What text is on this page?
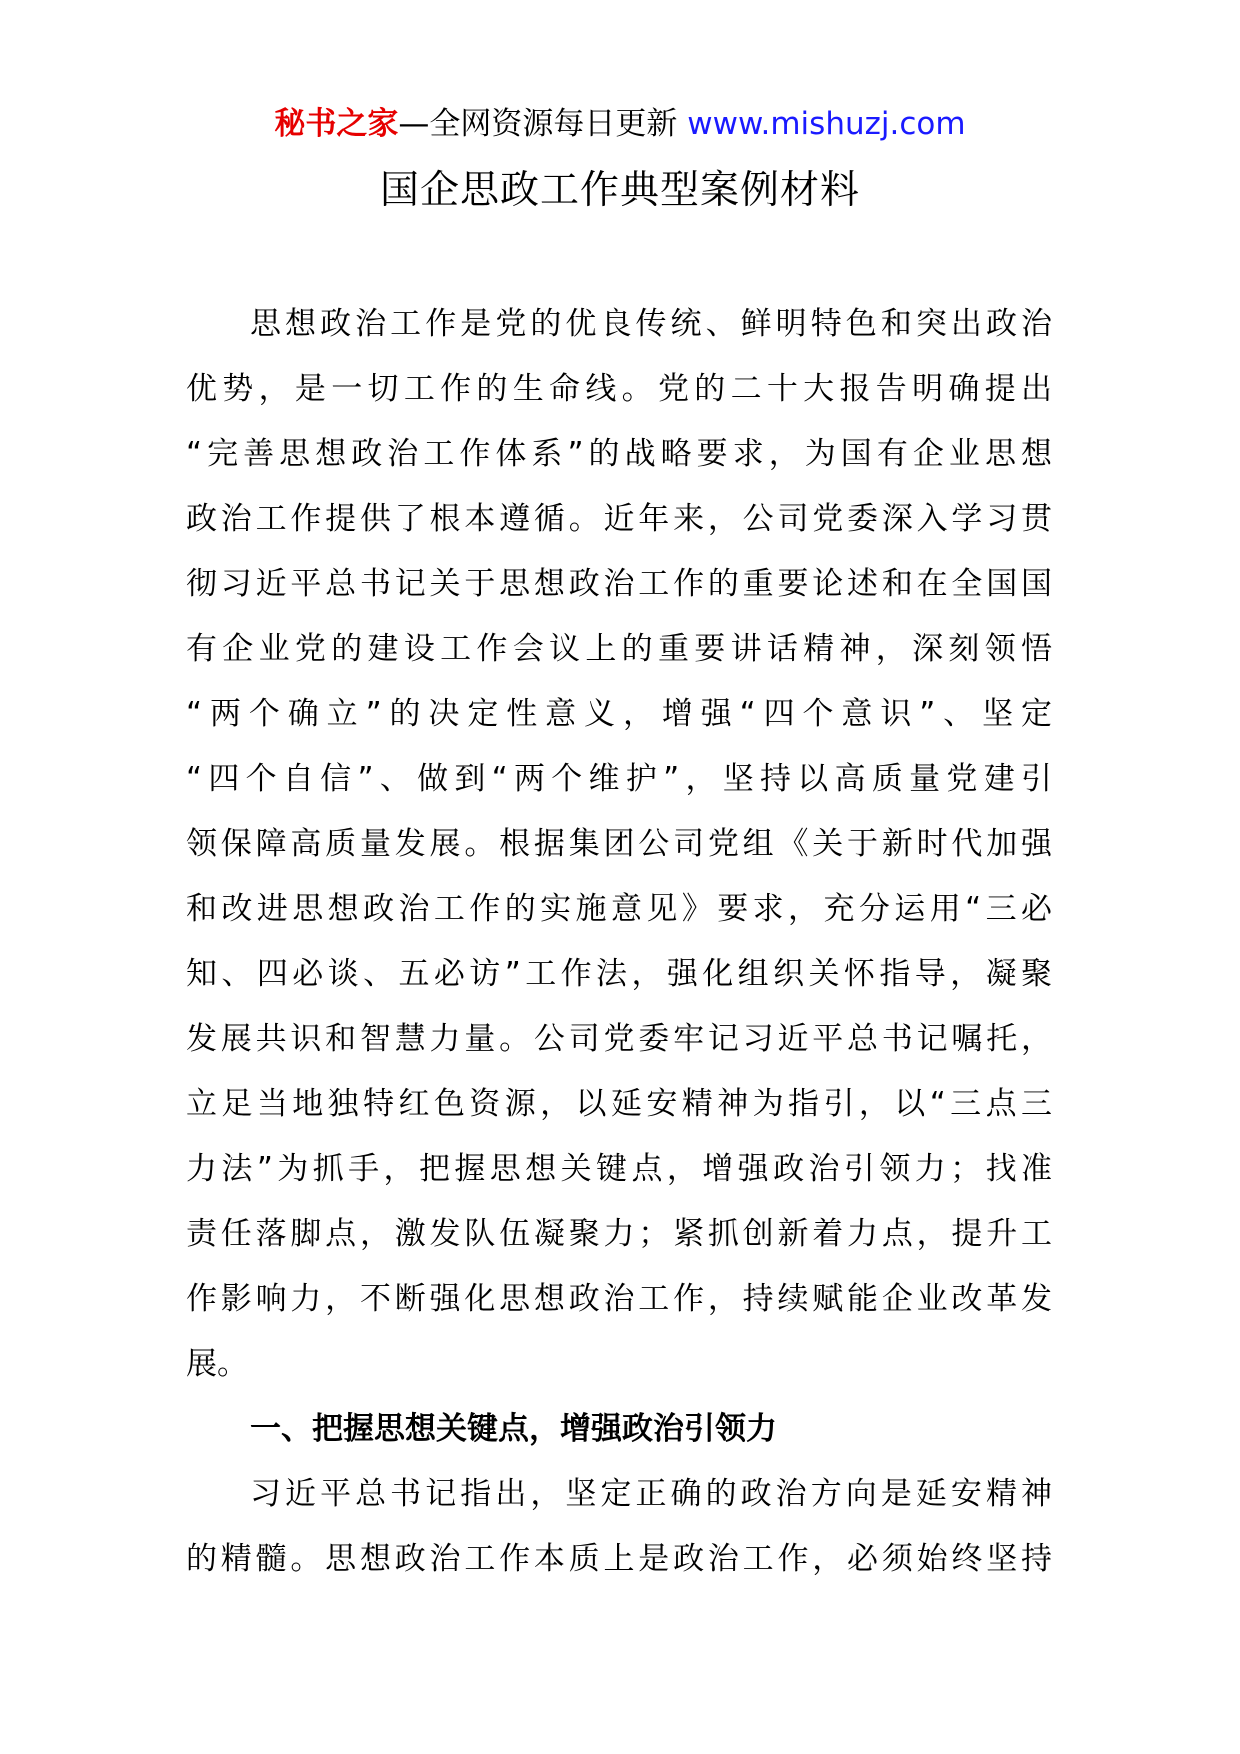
秘书之家—全网资源每日更新 www.mishuzj.com
国企思政工作典型案例材料

思想政治工作是党的优良传统、鲜明特色和突出政治
优势，是一切工作的生命线。党的二十大报告明确提出
“完善思想政治工作体系”的战略要求，为国有企业思想
政治工作提供了根本遵循。近年来，公司党委深入学习贯
彻习近平总书记关于思想政治工作的重要论述和在全国国
有企业党的建设工作会议上的重要讲话精神，深刻领悟
“两个确立”的决定性意义，增强“四个意识”、坚定
“四个自信”、做到“两个维护”，坚持以高质量党建引
领保障高质量发展。根据集团公司党组《关于新时代加强
和改进思想政治工作的实施意见》要求，充分运用“三必
知、四必谈、五必访”工作法，强化组织关怀指导，凝聚
发展共识和智慧力量。公司党委牢记习近平总书记嘱托，
立足当地独特红色资源，以延安精神为指引，以“三点三
力法”为抓手，把握思想关键点，增强政治引领力；找准
责任落脚点，激发队伍凝聚力；紧抓创新着力点，提升工
作影响力，不断强化思想政治工作，持续赋能企业改革发
展。

一、把握思想关键点，增强政治引领力

习近平总书记指出，坚定正确的政治方向是延安精神
的精髓。思想政治工作本质上是政治工作，必须始终坚持
